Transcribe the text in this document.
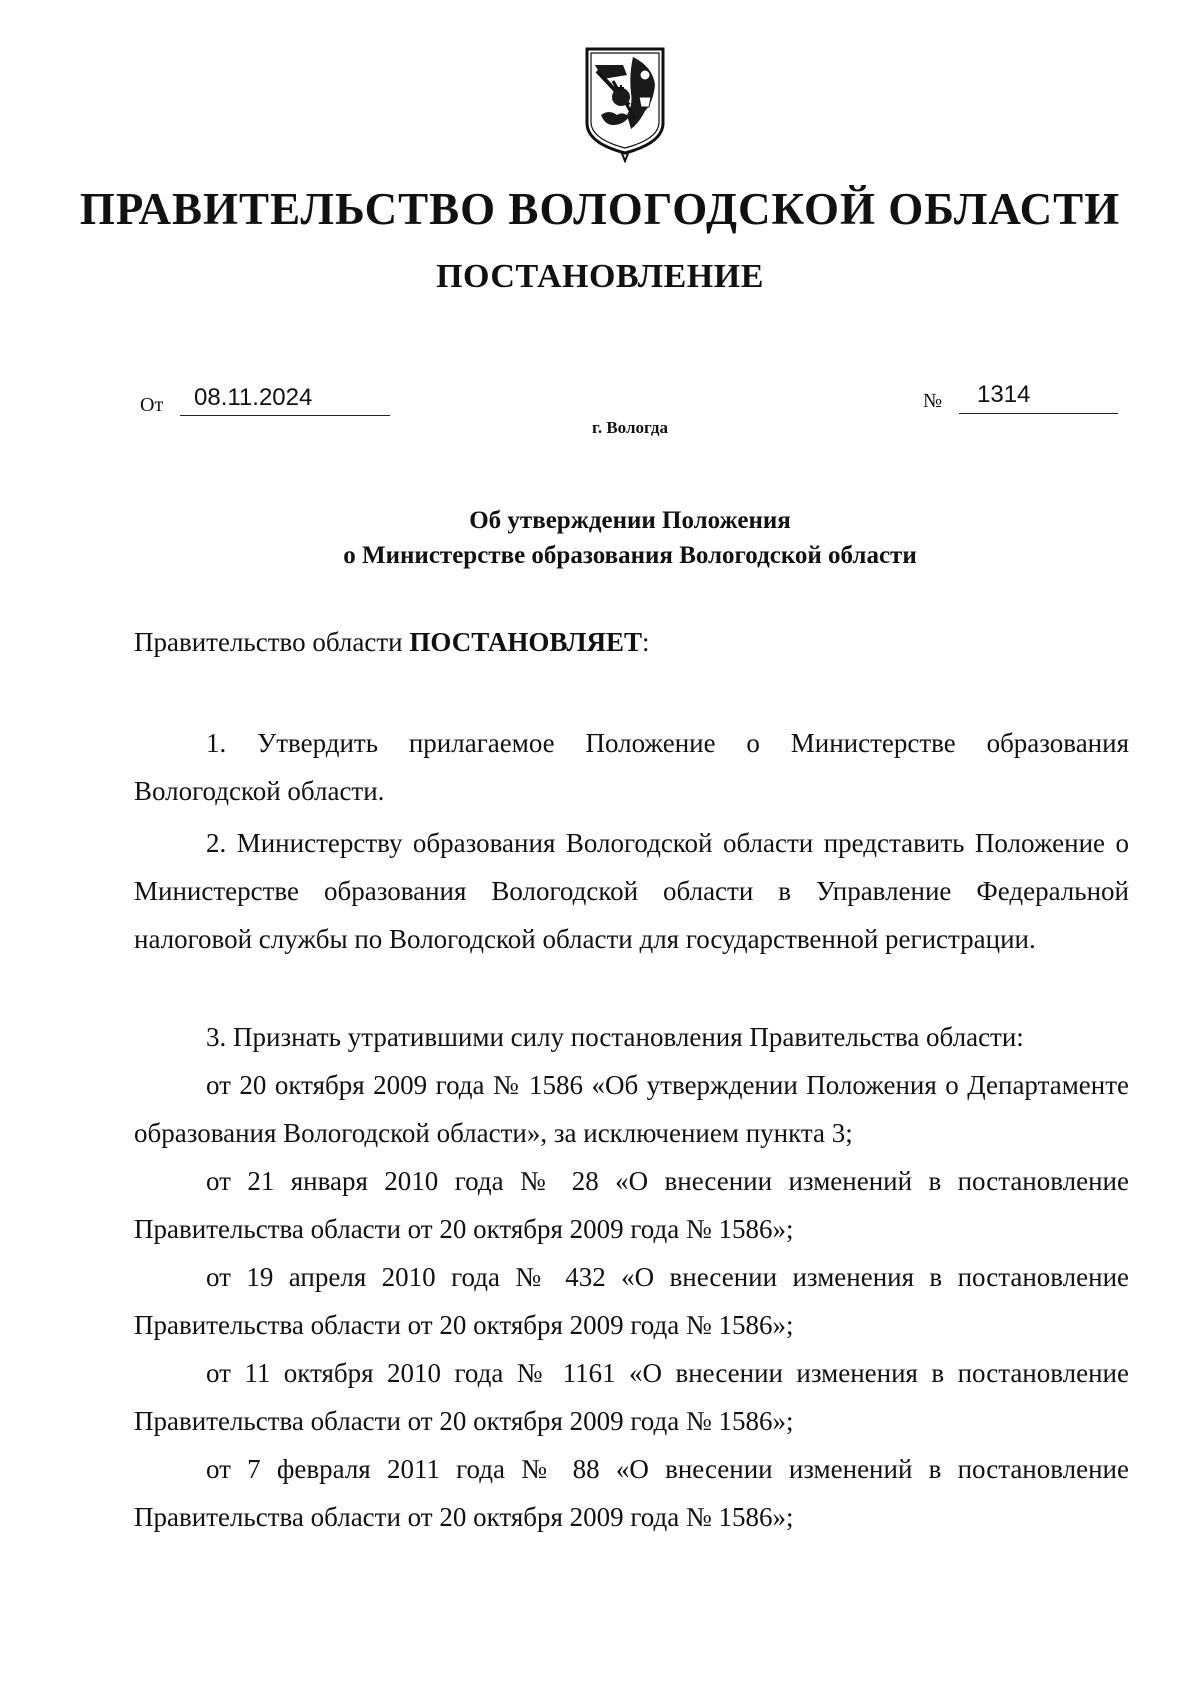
ПРАВИТЕЛЬСТВО ВОЛОГОДСКОЙ ОБЛАСТИ
ПОСТАНОВЛЕНИЕ
От	08.11.2024	№	1314
г. Вологда
Об утверждении Положения
о Министерстве образования Вологодской области
Правительство области ПОСТАНОВЛЯЕТ:
1. Утвердить прилагаемое Положение о Министерстве образования Вологодской области.
2. Министерству образования Вологодской области представить Положение о Министерстве образования Вологодской области в Управление Федеральной налоговой службы по Вологодской области для государственной регистрации.
3. Признать утратившими силу постановления Правительства области:
от 20 октября 2009 года № 1586 «Об утверждении Положения о Департаменте образования Вологодской области», за исключением пункта 3;
от 21 января 2010 года № 28 «О внесении изменений в постановление Правительства области от 20 октября 2009 года № 1586»;
от 19 апреля 2010 года № 432 «О внесении изменения в постановление Правительства области от 20 октября 2009 года № 1586»;
от 11 октября 2010 года № 1161 «О внесении изменения в постановление Правительства области от 20 октября 2009 года № 1586»;
от 7 февраля 2011 года № 88 «О внесении изменений в постановление Правительства области от 20 октября 2009 года № 1586»;
